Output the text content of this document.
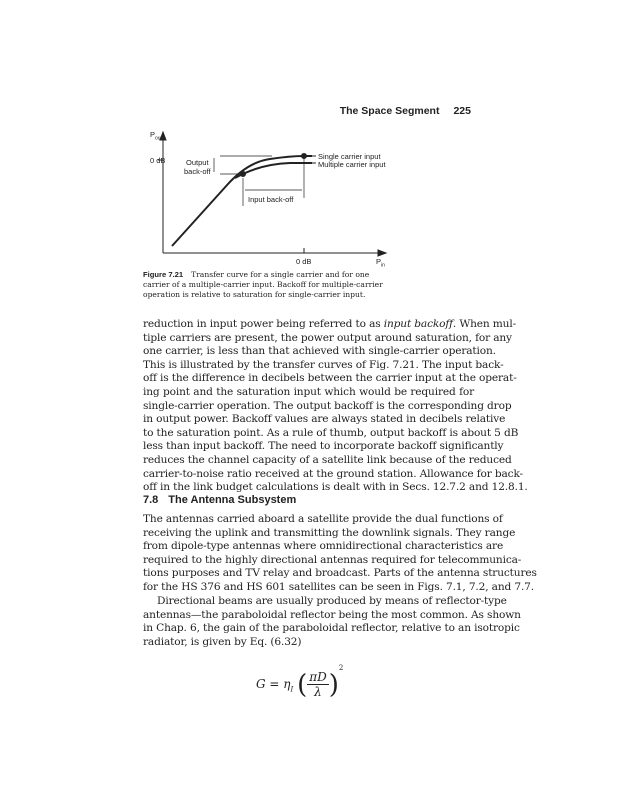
The Space Segment 225
$P_{out}$
0 dB
0 dB	$P_{in}$
Output
back-off
Input back-off
Single carrier input
Multiple carrier input
Figure 7.21 Transfer curve for a single carrier and for one carrier of a multiple-carrier input. Backoff for multiple-carrier operation is relative to saturation for single-carrier input.
reduction in input power being referred to as input backoff. When mul-
tiple carriers are present, the power output around saturation, for any
one carrier, is less than that achieved with single-carrier operation.
This is illustrated by the transfer curves of Fig. 7.21. The input back-
off is the difference in decibels between the carrier input at the operat-
ing point and the saturation input which would be required for
single-carrier operation. The output backoff is the corresponding drop
in output power. Backoff values are always stated in decibels relative
to the saturation point. As a rule of thumb, output backoff is about 5 dB
less than input backoff. The need to incorporate backoff significantly
reduces the channel capacity of a satellite link because of the reduced
carrier-to-noise ratio received at the ground station. Allowance for back-
off in the link budget calculations is dealt with in Secs. 12.7.2 and 12.8.1.
7.8 The Antenna Subsystem
The antennas carried aboard a satellite provide the dual functions of
receiving the uplink and transmitting the downlink signals. They range
from dipole-type antennas where omnidirectional characteristics are
required to the highly directional antennas required for telecommunica-
tions purposes and TV relay and broadcast. Parts of the antenna structures
for the HS 376 and HS 601 satellites can be seen in Figs. 7.1, 7.2, and 7.7.
Directional beams are usually produced by means of reflector-type
antennas—the paraboloidal reflector being the most common. As shown
in Chap. 6, the gain of the paraboloidal reflector, relative to an isotropic
radiator, is given by Eq. (6.32)
$G = \eta_I$ ( $\frac{\pi D}{\lambda} )^2$
